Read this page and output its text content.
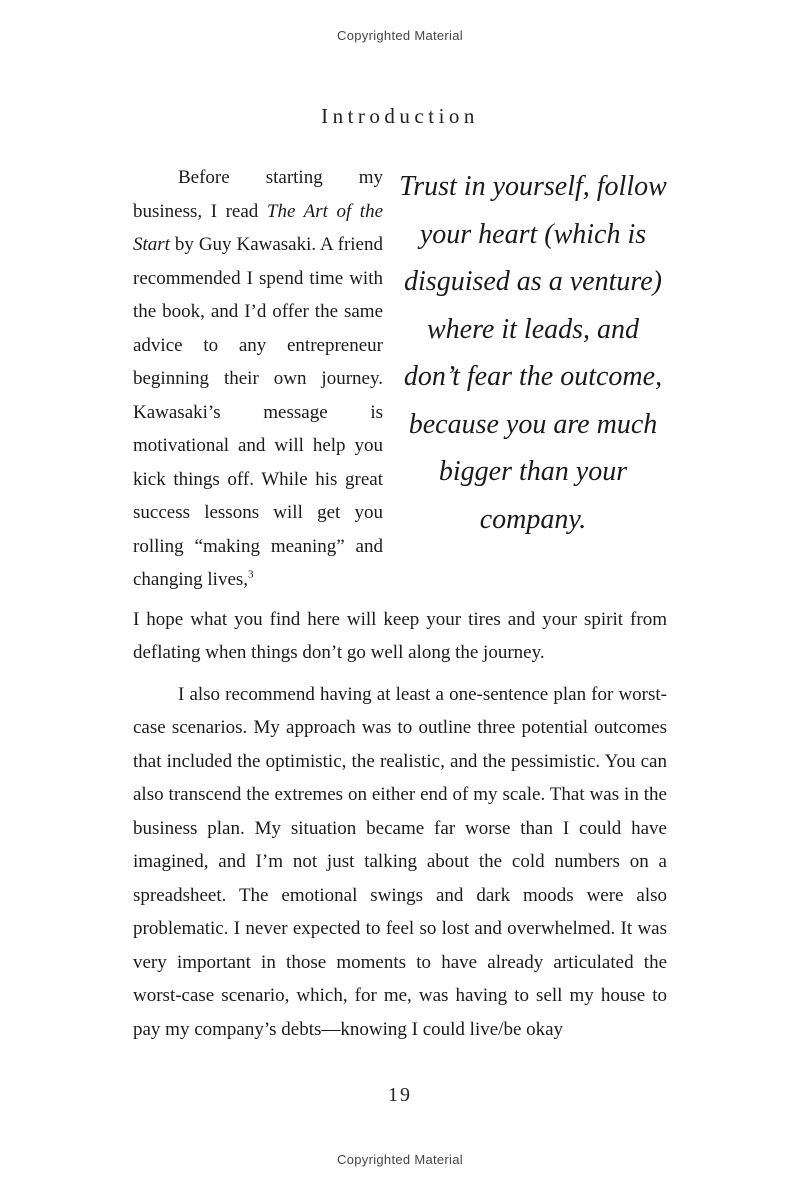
Copyrighted Material
Introduction

Before starting my business, I read The Art of the Start by Guy Kawasaki. A friend recommended I spend time with the book, and I’d offer the same advice to any entrepreneur beginning their own journey. Kawasaki’s message is motivational and will help you kick things off. While his great success lessons will get you rolling “making meaning” and changing lives,$^3$

Trust in yourself, follow your heart (which is disguised as a venture) where it leads, and don’t fear the outcome, because you are much bigger than your company.

I hope what you find here will keep your tires and your spirit from deflating when things don’t go well along the journey.

I also recommend having at least a one-sentence plan for worst-case scenarios. My approach was to outline three potential outcomes that included the optimistic, the realistic, and the pessimistic. You can also transcend the extremes on either end of my scale. That was in the business plan. My situation became far worse than I could have imagined, and I’m not just talking about the cold numbers on a spreadsheet. The emotional swings and dark moods were also problematic. I never expected to feel so lost and overwhelmed. It was very important in those moments to have already articulated the worst-case scenario, which, for me, was having to sell my house to pay my company’s debts—knowing I could live/be okay

19
Copyrighted Material
